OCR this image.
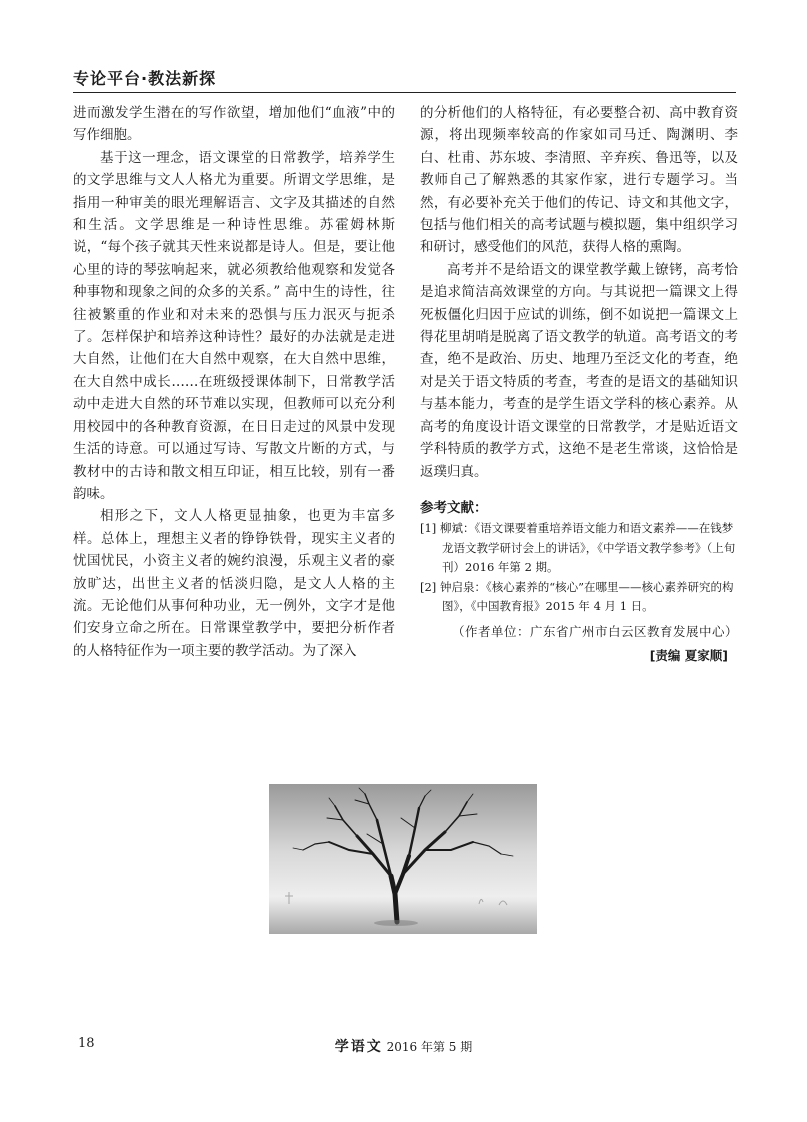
专论平台·教法新探

进而激发学生潜在的写作欲望，增加他们“血液”中的写作细胞。

基于这一理念，语文课堂的日常教学，培养学生的文学思维与文人人格尤为重要。所谓文学思维，是指用一种审美的眼光理解语言、文字及其描述的自然和生活。文学思维是一种诗性思维。苏霍姆林斯说，“每个孩子就其天性来说都是诗人。但是，要让他心里的诗的琴弦响起来，就必须教给他观察和发觉各种事物和现象之间的众多的关系。” 高中生的诗性，往往被繁重的作业和对未来的恐惧与压力泯灭与扼杀了。怎样保护和培养这种诗性？最好的办法就是走进大自然，让他们在大自然中观察，在大自然中思维，在大自然中成长……在班级授课体制下，日常教学活动中走进大自然的环节难以实现，但教师可以充分利用校园中的各种教育资源，在日日走过的风景中发现生活的诗意。可以通过写诗、写散文片断的方式，与教材中的古诗和散文相互印证，相互比较，别有一番韵味。

相形之下，文人人格更显抽象，也更为丰富多样。总体上，理想主义者的铮铮铁骨，现实主义者的忧国忧民，小资主义者的婉约浪漫，乐观主义者的豪放旷达，出世主义者的恬淡归隐，是文人人格的主流。无论他们从事何种功业，无一例外，文字才是他们安身立命之所在。日常课堂教学中，要把分析作者的人格特征作为一项主要的教学活动。为了深入

的分析他们的人格特征，有必要整合初、高中教育资源，将出现频率较高的作家如司马迁、陶渊明、李白、杜甫、苏东坡、李清照、辛弃疾、鲁迅等，以及教师自己了解熟悉的其家作家，进行专题学习。当然，有必要补充关于他们的传记、诗文和其他文字，包括与他们相关的高考试题与模拟题，集中组织学习和研讨，感受他们的风范，获得人格的熏陶。

高考并不是给语文的课堂教学戴上镣铐，高考恰是追求简洁高效课堂的方向。与其说把一篇课文上得死板僵化归因于应试的训练，倒不如说把一篇课文上得花里胡哨是脱离了语文教学的轨道。高考语文的考查，绝不是政治、历史、地理乃至泛文化的考查，绝对是关于语文特质的考查，考查的是语文的基础知识与基本能力，考查的是学生语文学科的核心素养。从高考的角度设计语文课堂的日常教学，才是贴近语文学科特质的教学方式，这绝不是老生常谈，这恰恰是返璞归真。

参考文献：
[1] 柳斌：《语文课要着重培养语文能力和语文素养——在钱梦龙语文教学研讨会上的讲话》，《中学语文教学参考》（上旬刊）2016 年第 2 期。
[2] 钟启泉：《核心素养的“核心”在哪里——核心素养研究的构图》，《中国教育报》2015 年 4 月 1 日。
（作者单位：广东省广州市白云区教育发展中心）
[责编 夏家顺]
18	学语文 2016 年第 5 期
